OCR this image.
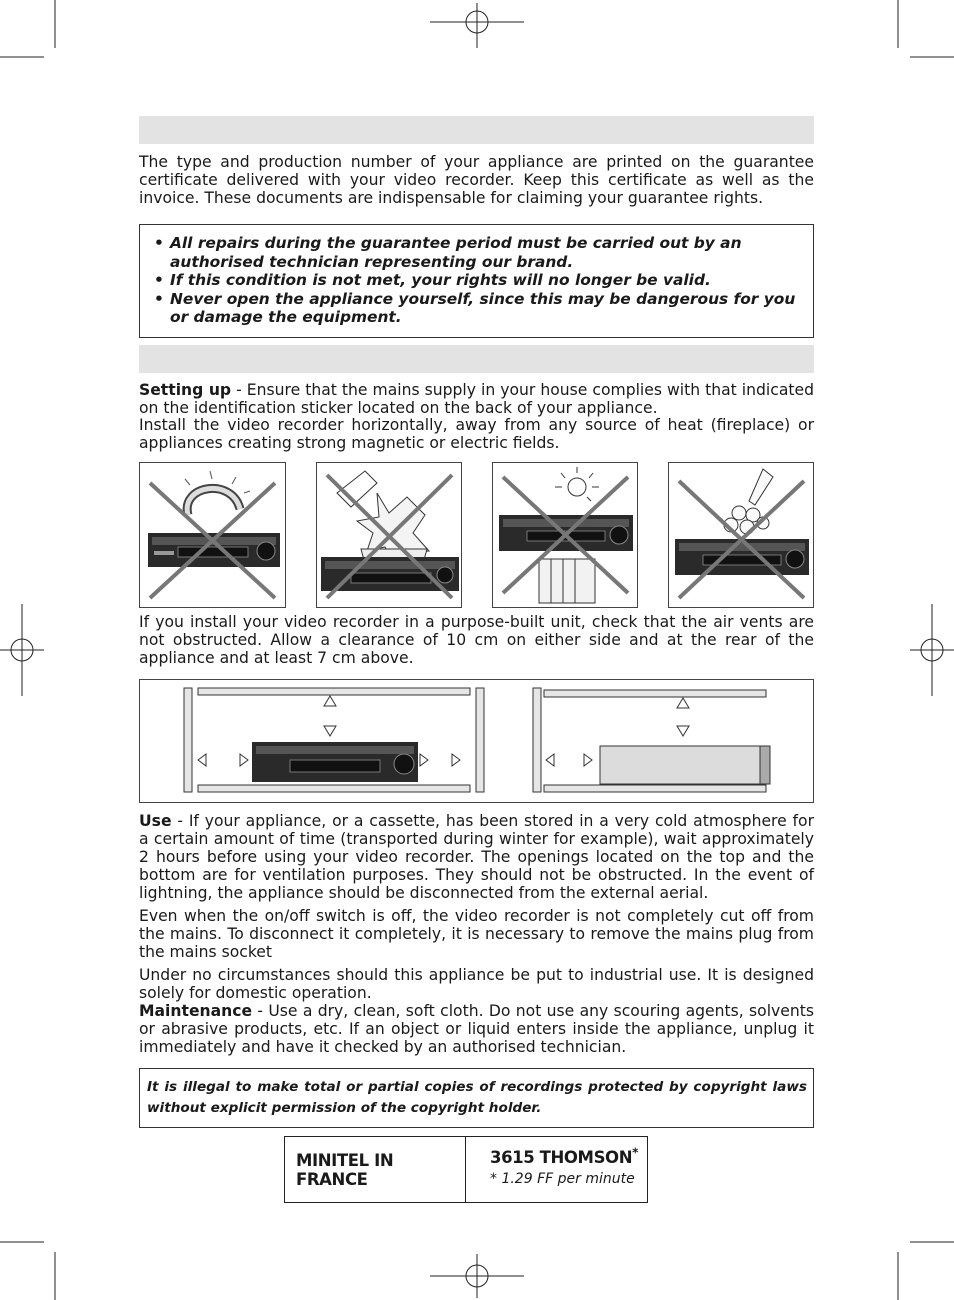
The type and production number of your appliance are printed on the guarantee certificate delivered with your video recorder. Keep this certificate as well as the invoice. These documents are indispensable for claiming your guarantee rights.

• All repairs during the guarantee period must be carried out by an authorised technician representing our brand.
• If this condition is not met, your rights will no longer be valid.
• Never open the appliance yourself, since this may be dangerous for you or damage the equipment.

Setting up - Ensure that the mains supply in your house complies with that indicated on the identification sticker located on the back of your appliance.

Install the video recorder horizontally, away from any source of heat (fireplace) or appliances creating strong magnetic or electric fields.

If you install your video recorder in a purpose-built unit, check that the air vents are not obstructed. Allow a clearance of 10 cm on either side and at the rear of the appliance and at least 7 cm above.

Use - If your appliance, or a cassette, has been stored in a very cold atmosphere for a certain amount of time (transported during winter for example), wait approximately 2 hours before using your video recorder. The openings located on the top and the bottom are for ventilation purposes. They should not be obstructed. In the event of lightning, the appliance should be disconnected from the external aerial.

Even when the on/off switch is off, the video recorder is not completely cut off from the mains. To disconnect it completely, it is necessary to remove the mains plug from the mains socket

Under no circumstances should this appliance be put to industrial use. It is designed solely for domestic operation.

Maintenance - Use a dry, clean, soft cloth. Do not use any scouring agents, solvents or abrasive products, etc. If an object or liquid enters inside the appliance, unplug it immediately and have it checked by an authorised technician.

It is illegal to make total or partial copies of recordings protected by copyright laws without explicit permission of the copyright holder.
MINITEL IN FRANCE
3615 THOMSON*
* 1.29 FF per minute
